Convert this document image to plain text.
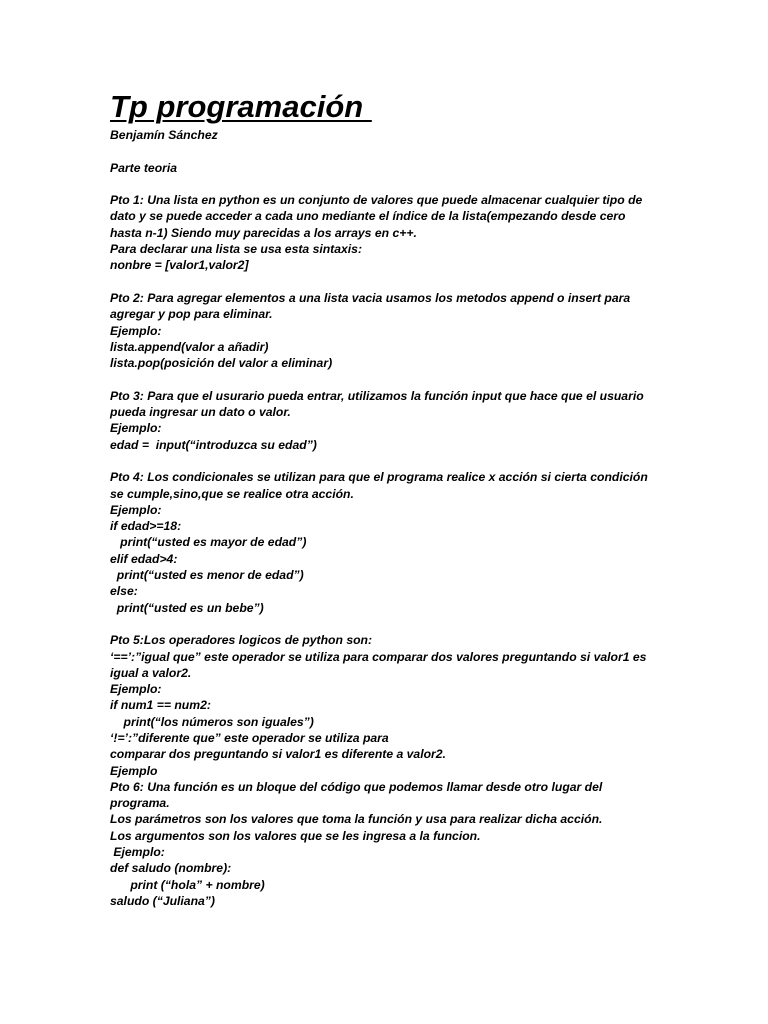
Tp programación
Benjamín Sánchez
Parte teoria
Pto 1: Una lista en python es un conjunto de valores que puede almacenar cualquier tipo de
dato y se puede acceder a cada uno mediante el índice de la lista(empezando desde cero
hasta n-1) Siendo muy parecidas a los arrays en c++.
Para declarar una lista se usa esta sintaxis:
nonbre = [valor1,valor2]
Pto 2: Para agregar elementos a una lista vacia usamos los metodos append o insert para
agregar y pop para eliminar.
Ejemplo:
lista.append(valor a añadir)
lista.pop(posición del valor a eliminar)
Pto 3: Para que el usurario pueda entrar, utilizamos la función input que hace que el usuario
pueda ingresar un dato o valor.
Ejemplo:
edad =  input(“introduzca su edad”)
Pto 4: Los condicionales se utilizan para que el programa realice x acción si cierta condición
se cumple,sino,que se realice otra acción.
Ejemplo:
if edad>=18:
print(“usted es mayor de edad”)
elif edad>4:
print(“usted es menor de edad”)
else:
print(“usted es un bebe”)
Pto 5:Los operadores logicos de python son:
‘==’:”igual que” este operador se utiliza para comparar dos valores preguntando si valor1 es
igual a valor2.
Ejemplo:
if num1 == num2:
print(“los números son iguales”)
‘!=’:”diferente que” este operador se utiliza para
comparar dos preguntando si valor1 es diferente a valor2.
Ejemplo
Pto 6: Una función es un bloque del código que podemos llamar desde otro lugar del
programa.
Los parámetros son los valores que toma la función y usa para realizar dicha acción.
Los argumentos son los valores que se les ingresa a la funcion.
Ejemplo:
def saludo (nombre):
print (“hola” + nombre)
saludo (“Juliana”)
